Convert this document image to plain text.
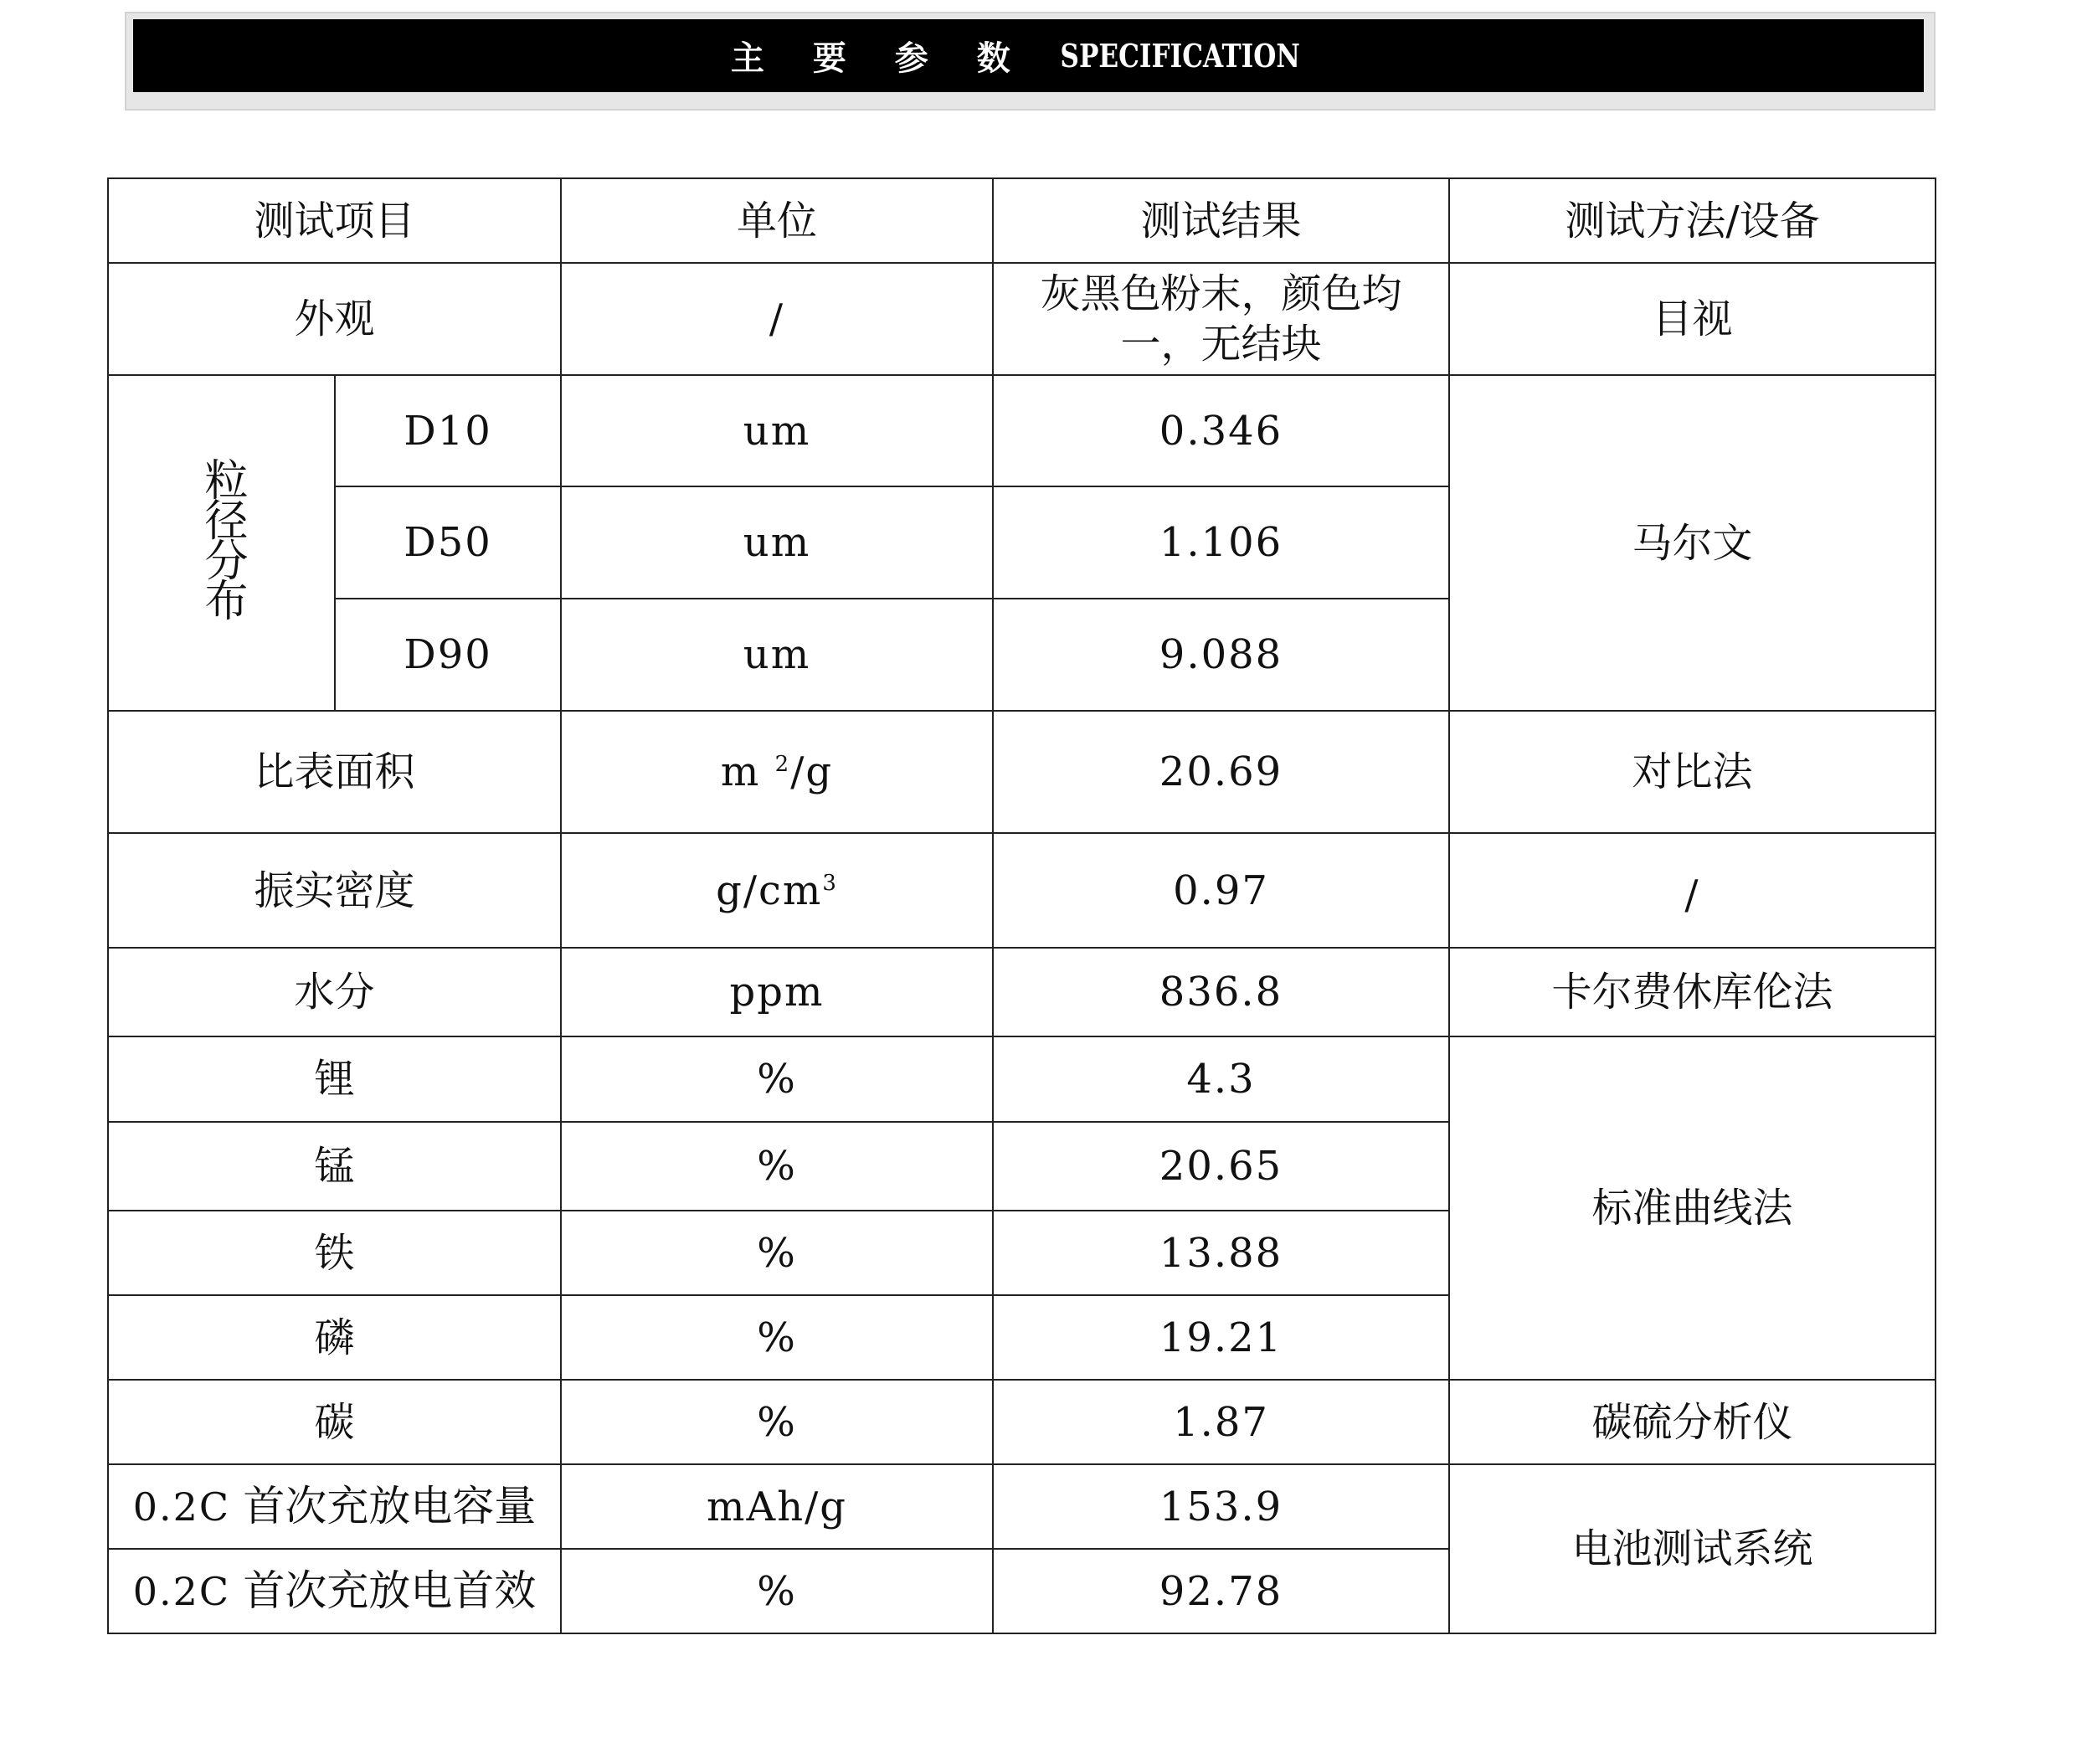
主 要 参 数 SPECIFICATION
测试项目		单位	测试结果	测试方法/设备
外观		/	灰黑色粉末，颜色均一，无结块	目视
粒径分布	D10	um	0.346	马尔文
	D50	um	1.106	
	D90	um	9.088	
比表面积		m $^2$/g	20.69	对比法
振实密度		$g/cm^3$	0.97	/
水分		ppm	836.8	卡尔费休库伦法
锂		%	4.3	标准曲线法
锰		%	20.65	
铁		%	13.88	
磷		%	19.21	
碳		%	1.87	碳硫分析仪
0.2C 首次充放电容量		mAh/g	153.9	电池测试系统
0.2C 首次充放电首效		%	92.78	
